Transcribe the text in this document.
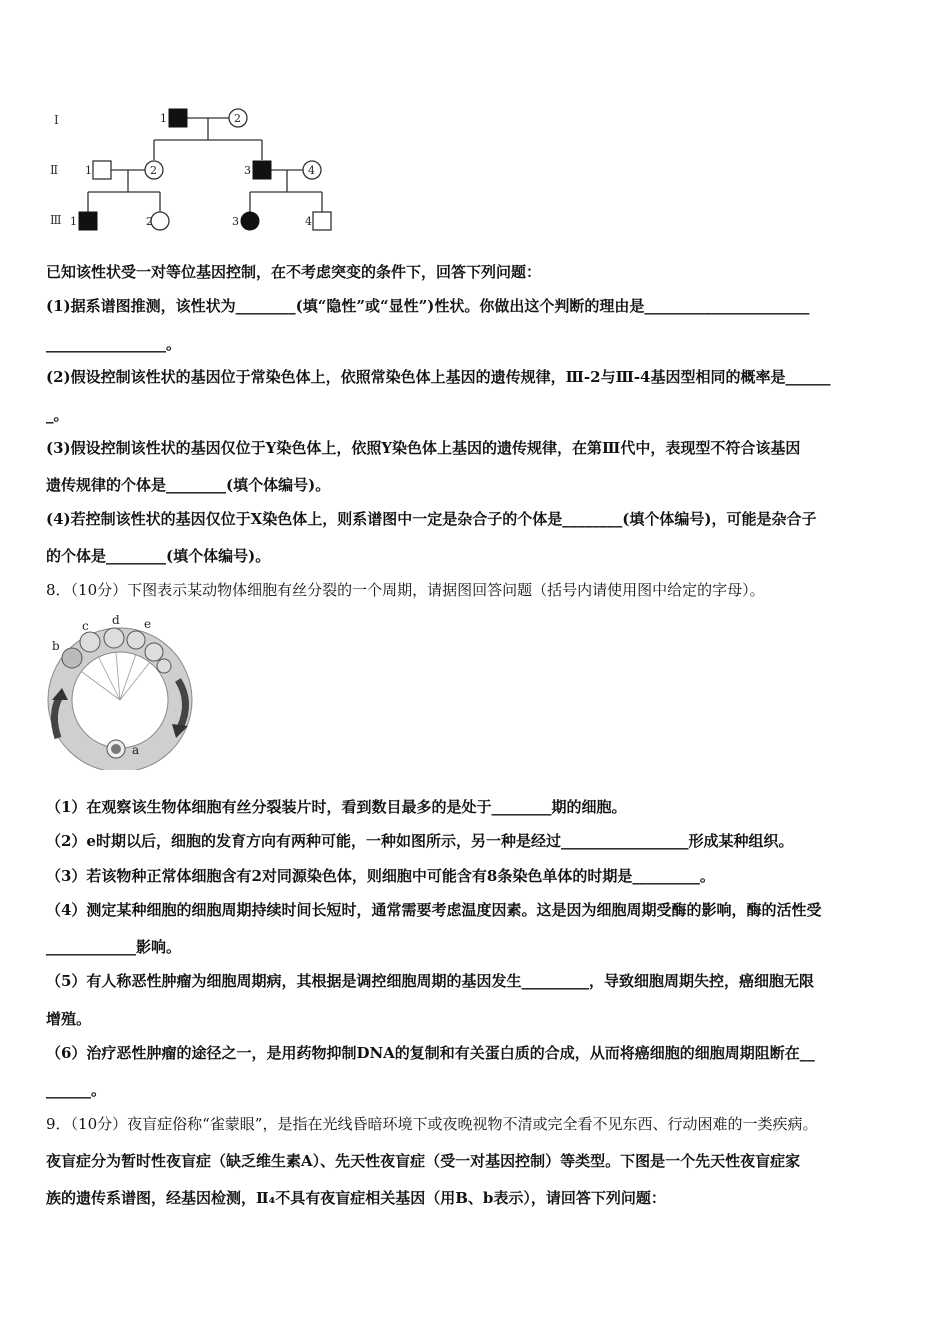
Ⅰ
Ⅱ
Ⅲ
1	2
1	2	3	4
1	2	3	4
已知该性状受一对等位基因控制，在不考虑突变的条件下，回答下列问题：
(1)据系谱图推测，该性状为________(填“隐性”或“显性”)性状。你做出这个判断的理由是______________________
________________。
(2)假设控制该性状的基因位于常染色体上，依照常染色体上基因的遗传规律，Ⅲ-2与Ⅲ-4基因型相同的概率是______
_。
(3)假设控制该性状的基因仅位于Y染色体上，依照Y染色体上基因的遗传规律，在第Ⅲ代中，表现型不符合该基因
遗传规律的个体是________(填个体编号)。
(4)若控制该性状的基因仅位于X染色体上，则系谱图中一定是杂合子的个体是________(填个体编号)，可能是杂合子
的个体是________(填个体编号)。
8．（10分）下图表示某动物体细胞有丝分裂的一个周期，请据图回答问题（括号内请使用图中给定的字母）。
b
c d e
a
（1）在观察该生物体细胞有丝分裂装片时，看到数目最多的是处于________期的细胞。
（2）e时期以后，细胞的发育方向有两种可能，一种如图所示，另一种是经过_________________形成某种组织。
（3）若该物种正常体细胞含有2对同源染色体，则细胞中可能含有8条染色单体的时期是_________。
（4）测定某种细胞的细胞周期持续时间长短时，通常需要考虑温度因素。这是因为细胞周期受酶的影响，酶的活性受
____________影响。
（5）有人称恶性肿瘤为细胞周期病，其根据是调控细胞周期的基因发生_________，导致细胞周期失控，癌细胞无限
增殖。
（6）治疗恶性肿瘤的途径之一，是用药物抑制DNA的复制和有关蛋白质的合成，从而将癌细胞的细胞周期阻断在__
______。
9．（10分）夜盲症俗称“雀蒙眼”，是指在光线昏暗环境下或夜晚视物不清或完全看不见东西、行动困难的一类疾病。
夜盲症分为暂时性夜盲症（缺乏维生素A）、先天性夜盲症（受一对基因控制）等类型。下图是一个先天性夜盲症家
族的遗传系谱图，经基因检测，Ⅱ₄不具有夜盲症相关基因（用B、b表示），请回答下列问题：
